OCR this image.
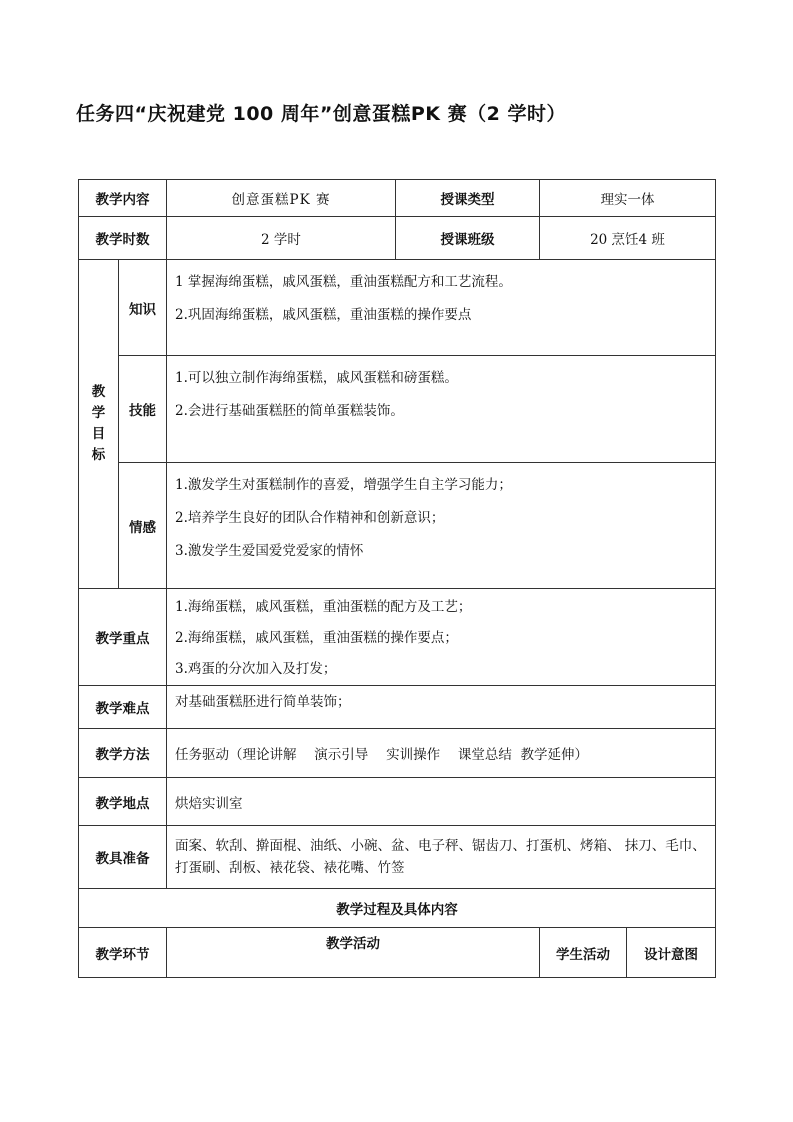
任务四“庆祝建党 100 周年”创意蛋糕PK 赛（2 学时）
教学内容		创意蛋糕PK 赛	授课类型	理实一体	
教学时数		2 学时	授课班级	20 烹饪4 班	

教
学
目
标	知识	1 掌握海绵蛋糕，戚风蛋糕，重油蛋糕配方和工艺流程。
2.巩固海绵蛋糕，戚风蛋糕，重油蛋糕的操作要点			

	技能	1.可以独立制作海绵蛋糕，戚风蛋糕和磅蛋糕。
2.会进行基础蛋糕胚的简单蛋糕装饰。			

	情感	1.激发学生对蛋糕制作的喜爱，增强学生自主学习能力；
2.培养学生良好的团队合作精神和创新意识；
3.激发学生爱国爱党爱家的情怀			

教学重点		1.海绵蛋糕，戚风蛋糕，重油蛋糕的配方及工艺；
2.海绵蛋糕，戚风蛋糕，重油蛋糕的操作要点；
3.鸡蛋的分次加入及打发；			

教学难点		对基础蛋糕胚进行简单装饰；			
教学方法		任务驱动（理论讲解　 演示引导　 实训操作　 课堂总结  教学延伸）			
教学地点		烘焙实训室			
教具准备		面案、软刮、擀面棍、油纸、小碗、盆、电子秤、锯齿刀、打蛋机、烤箱、 抹刀、毛巾、打蛋刷、刮板、裱花袋、裱花嘴、竹签			
教学过程及具体内容					
教学环节		教学活动		学生活动	设计意图
